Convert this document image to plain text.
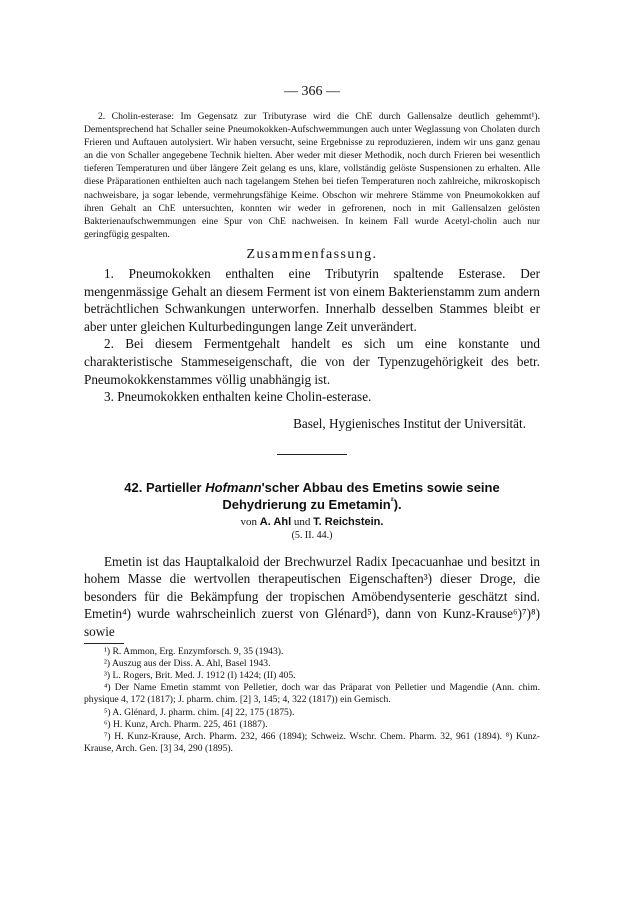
— 366 —

2. Cholin-esterase: Im Gegensatz zur Tributyrase wird die ChE durch Gallensalze deutlich gehemmt¹). Dementsprechend hat Schaller seine Pneumokokken-Aufschwemmungen auch unter Weglassung von Cholaten durch Frieren und Auftauen autolysiert. Wir haben versucht, seine Ergebnisse zu reproduzieren, indem wir uns ganz genau an die von Schaller angegebene Technik hielten. Aber weder mit dieser Methodik, noch durch Frieren bei wesentlich tieferen Temperaturen und über längere Zeit gelang es uns, klare, vollständig gelöste Suspensionen zu erhalten. Alle diese Präparationen enthielten auch nach tagelangem Stehen bei tiefen Temperaturen noch zahlreiche, mikroskopisch nachweisbare, ja sogar lebende, vermehrungsfähige Keime. Obschon wir mehrere Stämme von Pneumokokken auf ihren Gehalt an ChE untersuchten, konnten wir weder in gefrorenen, noch in mit Gallensalzen gelösten Bakterienaufschwemmungen eine Spur von ChE nachweisen. In keinem Fall wurde Acetyl-cholin auch nur geringfügig gespalten.

Zusammenfassung.

1. Pneumokokken enthalten eine Tributyrin spaltende Esterase. Der mengenmässige Gehalt an diesem Ferment ist von einem Bakterienstamm zum andern beträchtlichen Schwankungen unterworfen. Innerhalb desselben Stammes bleibt er aber unter gleichen Kulturbedingungen lange Zeit unverändert.

2. Bei diesem Fermentgehalt handelt es sich um eine konstante und charakteristische Stammeseigenschaft, die von der Typenzugehörigkeit des betr. Pneumokokkenstammes völlig unabhängig ist.

3. Pneumokokken enthalten keine Cholin-esterase.

Basel, Hygienisches Institut der Universität.
42. Partieller Hofmann'scher Abbau des Emetins sowie seine
Dehydrierung zu Emetamin$^{^2}$).
von A. Ahl und T. Reichstein.
(5. II. 44.)

Emetin ist das Hauptalkaloid der Brechwurzel Radix Ipecacuanhae und besitzt in hohem Masse die wertvollen therapeutischen Eigenschaften³) dieser Droge, die besonders für die Bekämpfung der tropischen Amöbendysenterie geschätzt sind. Emetin⁴) wurde wahrscheinlich zuerst von Glénard⁵), dann von Kunz-Krause⁶)⁷)⁸) sowie

¹) R. Ammon, Erg. Enzymforsch. 9, 35 (1943).

²) Auszug aus der Diss. A. Ahl, Basel 1943.

³) L. Rogers, Brit. Med. J. 1912 (I) 1424; (II) 405.

⁴) Der Name Emetin stammt von Pelletier, doch war das Präparat von Pelletier und Magendie (Ann. chim. physique 4, 172 (1817); J. pharm. chim. [2] 3, 145; 4, 322 (1817)) ein Gemisch.

⁵) A. Glénard, J. pharm. chim. [4] 22, 175 (1875).

⁶) H. Kunz, Arch. Pharm. 225, 461 (1887).

⁷) H. Kunz-Krause, Arch. Pharm. 232, 466 (1894); Schweiz. Wschr. Chem. Pharm. 32, 961 (1894). ⁸) Kunz-Krause, Arch. Gen. [3] 34, 290 (1895).
